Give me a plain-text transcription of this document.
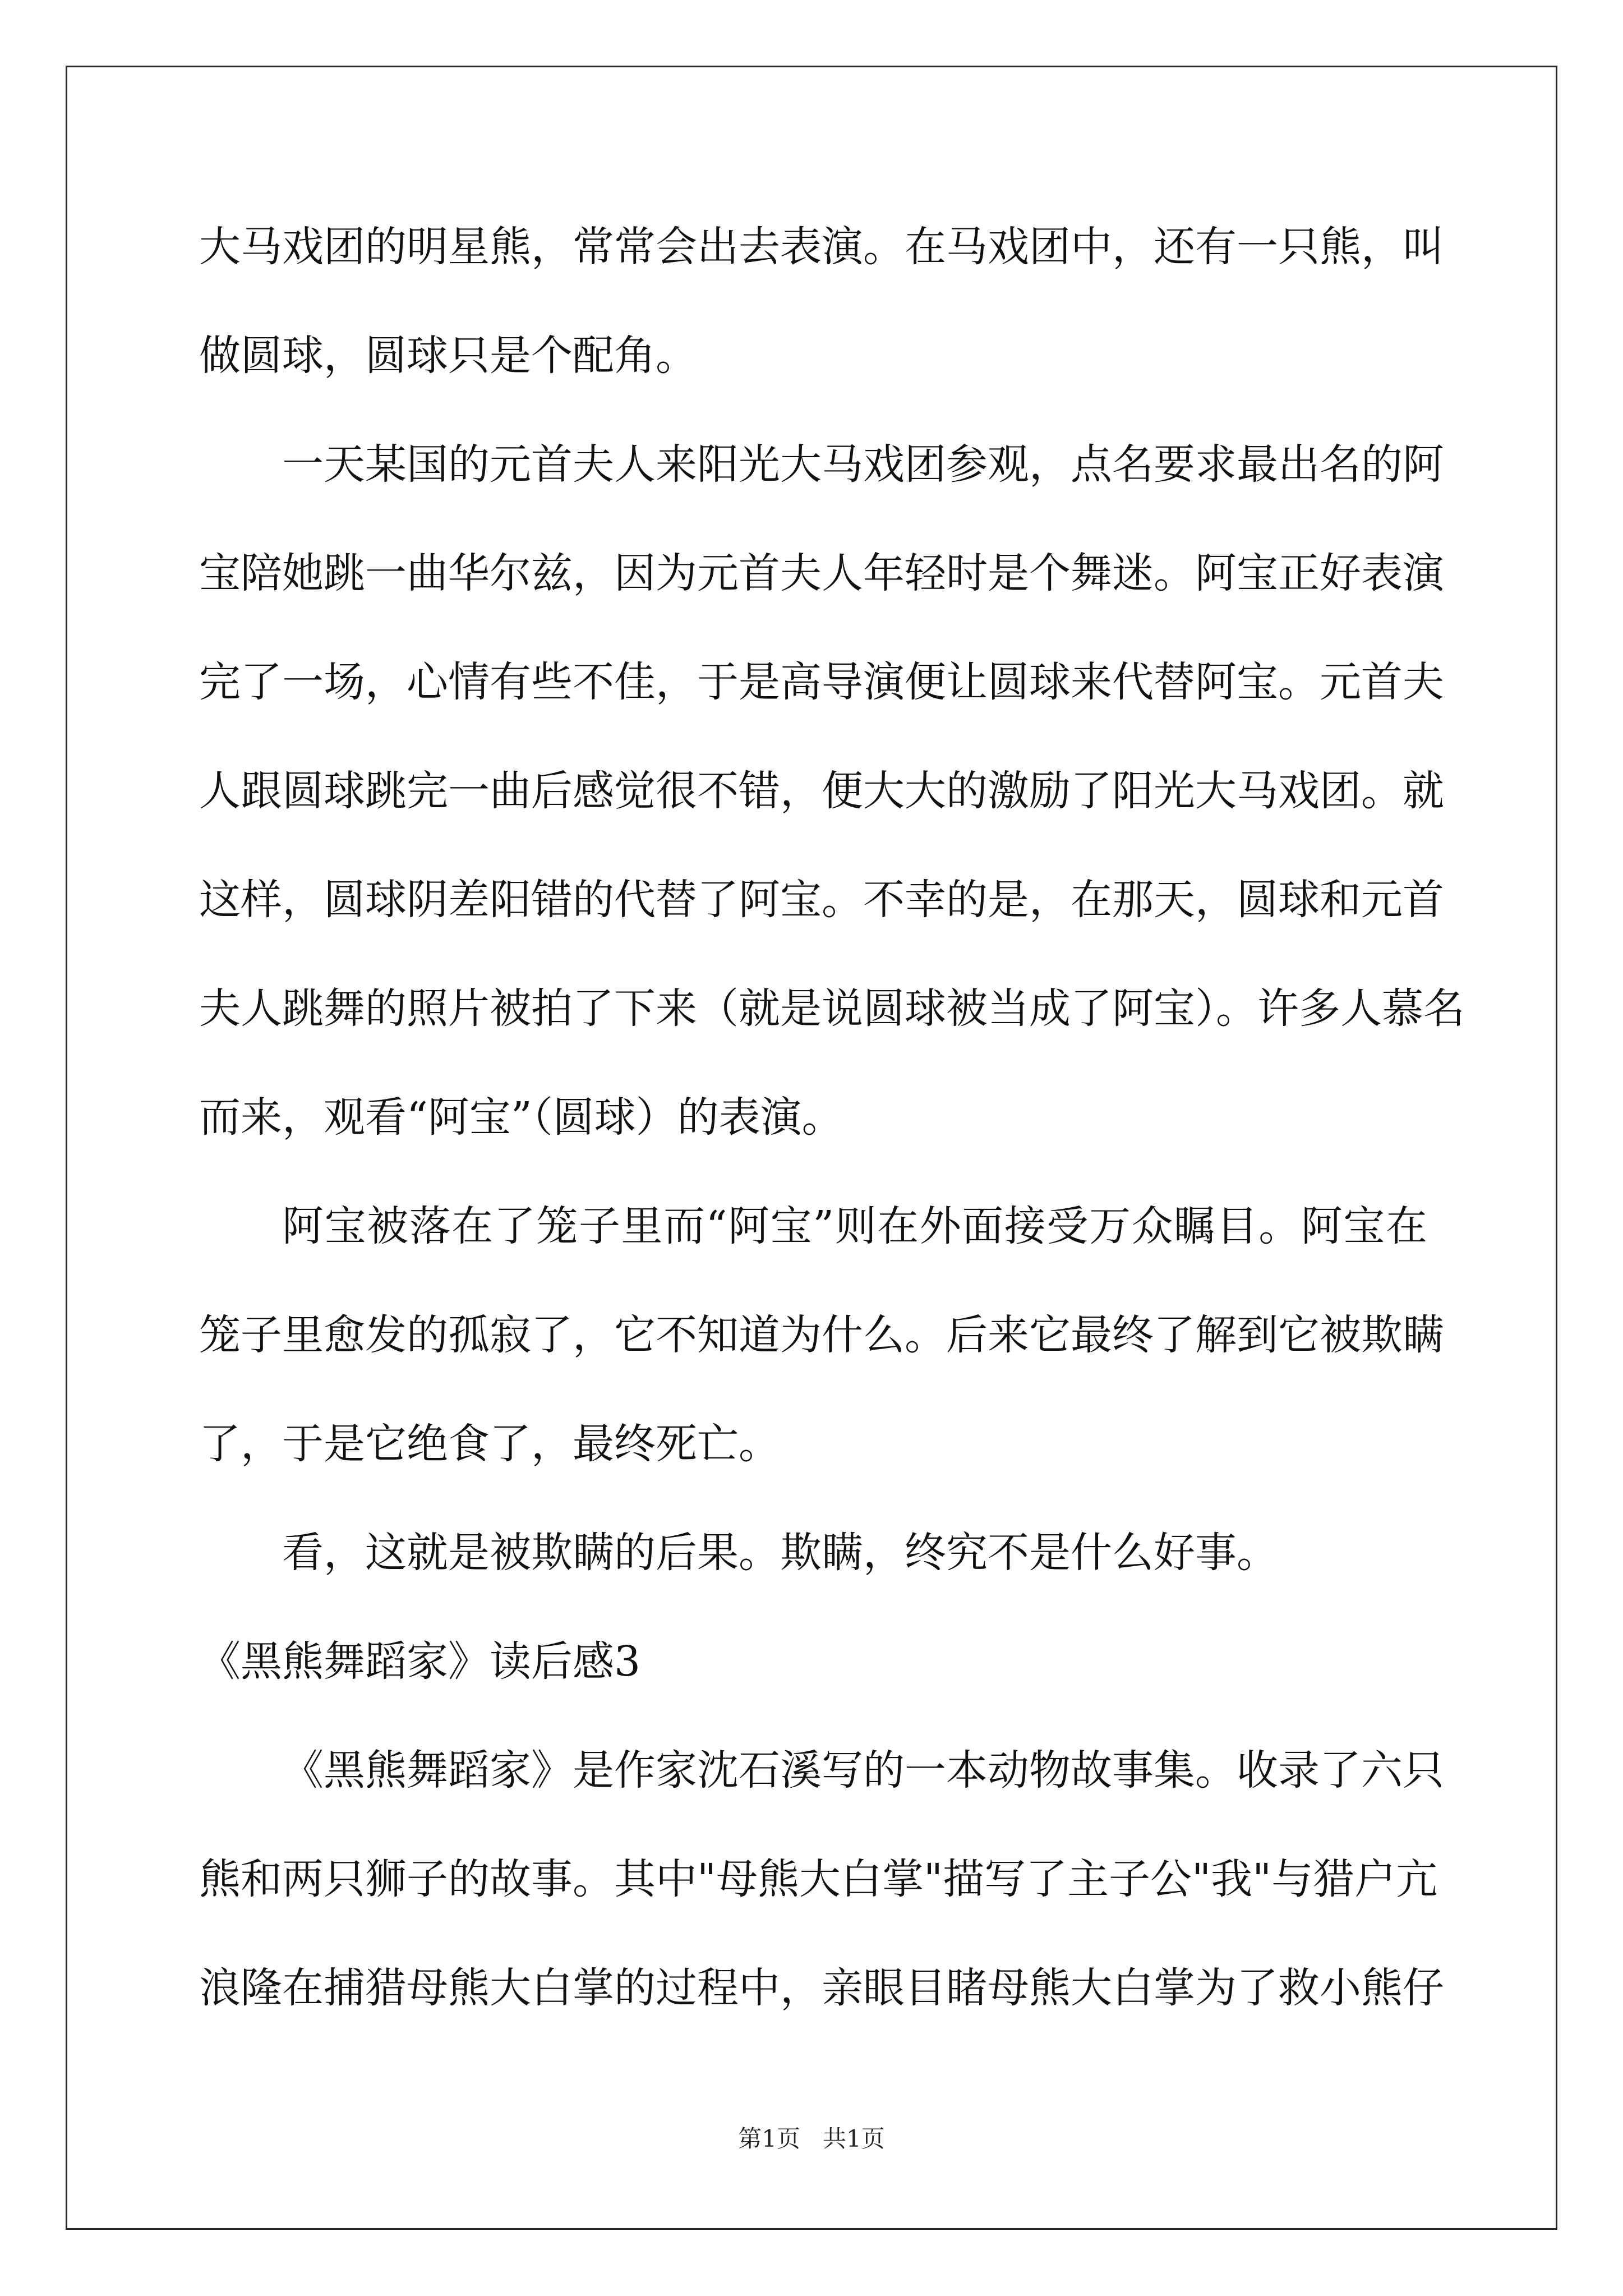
大马戏团的明星熊，常常会出去表演。在马戏团中，还有一只熊，叫
做圆球，圆球只是个配角。
一天某国的元首夫人来阳光大马戏团参观，点名要求最出名的阿
宝陪她跳一曲华尔兹，因为元首夫人年轻时是个舞迷。阿宝正好表演
完了一场，心情有些不佳，于是高导演便让圆球来代替阿宝。元首夫
人跟圆球跳完一曲后感觉很不错，便大大的激励了阳光大马戏团。就
这样，圆球阴差阳错的代替了阿宝。不幸的是，在那天，圆球和元首
夫人跳舞的照片被拍了下来（就是说圆球被当成了阿宝）。许多人慕名
而来，观看“阿宝”（圆球）的表演。
阿宝被落在了笼子里而“阿宝”则在外面接受万众瞩目。阿宝在
笼子里愈发的孤寂了，它不知道为什么。后来它最终了解到它被欺瞒
了，于是它绝食了，最终死亡。
看，这就是被欺瞒的后果。欺瞒，终究不是什么好事。
《黑熊舞蹈家》读后感3
《黑熊舞蹈家》是作家沈石溪写的一本动物故事集。收录了六只
熊和两只狮子的故事。其中"母熊大白掌"描写了主子公"我"与猎户亢
浪隆在捕猎母熊大白掌的过程中，亲眼目睹母熊大白掌为了救小熊仔
第1页 共1页
